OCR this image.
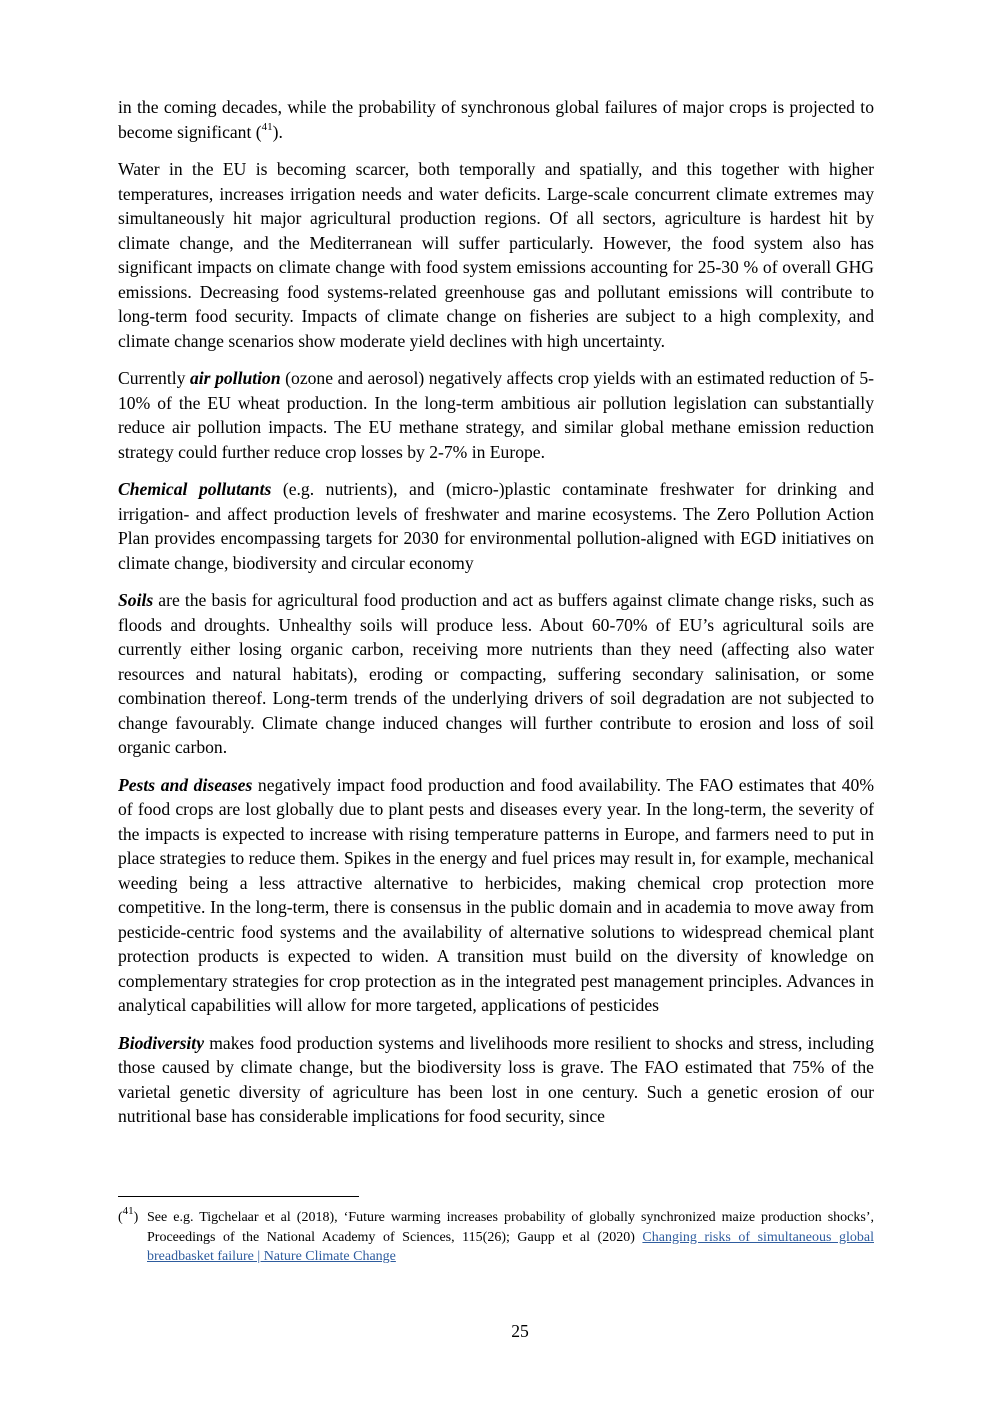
in the coming decades, while the probability of synchronous global failures of major crops is projected to become significant ($^{41}$).

Water in the EU is becoming scarcer, both temporally and spatially, and this together with higher temperatures, increases irrigation needs and water deficits. Large-scale concurrent climate extremes may simultaneously hit major agricultural production regions. Of all sectors, agriculture is hardest hit by climate change, and the Mediterranean will suffer particularly. However, the food system also has significant impacts on climate change with food system emissions accounting for 25-30 % of overall GHG emissions. Decreasing food systems-related greenhouse gas and pollutant emissions will contribute to long-term food security. Impacts of climate change on fisheries are subject to a high complexity, and climate change scenarios show moderate yield declines with high uncertainty.

Currently air pollution (ozone and aerosol) negatively affects crop yields with an estimated reduction of 5-10% of the EU wheat production. In the long-term ambitious air pollution legislation can substantially reduce air pollution impacts. The EU methane strategy, and similar global methane emission reduction strategy could further reduce crop losses by 2-7% in Europe.

Chemical pollutants (e.g. nutrients), and (micro-)plastic contaminate freshwater for drinking and irrigation- and affect production levels of freshwater and marine ecosystems. The Zero Pollution Action Plan provides encompassing targets for 2030 for environmental pollution-aligned with EGD initiatives on climate change, biodiversity and circular economy

Soils are the basis for agricultural food production and act as buffers against climate change risks, such as floods and droughts. Unhealthy soils will produce less. About 60-70% of EU’s agricultural soils are currently either losing organic carbon, receiving more nutrients than they need (affecting also water resources and natural habitats), eroding or compacting, suffering secondary salinisation, or some combination thereof. Long-term trends of the underlying drivers of soil degradation are not subjected to change favourably. Climate change induced changes will further contribute to erosion and loss of soil organic carbon.

Pests and diseases negatively impact food production and food availability. The FAO estimates that 40% of food crops are lost globally due to plant pests and diseases every year. In the long-term, the severity of the impacts is expected to increase with rising temperature patterns in Europe, and farmers need to put in place strategies to reduce them. Spikes in the energy and fuel prices may result in, for example, mechanical weeding being a less attractive alternative to herbicides, making chemical crop protection more competitive. In the long-term, there is consensus in the public domain and in academia to move away from pesticide-centric food systems and the availability of alternative solutions to widespread chemical plant protection products is expected to widen. A transition must build on the diversity of knowledge on complementary strategies for crop protection as in the integrated pest management principles. Advances in analytical capabilities will allow for more targeted, applications of pesticides

Biodiversity makes food production systems and livelihoods more resilient to shocks and stress, including those caused by climate change, but the biodiversity loss is grave. The FAO estimated that 75% of the varietal genetic diversity of agriculture has been lost in one century. Such a genetic erosion of our nutritional base has considerable implications for food security, since

($^{41}$) See e.g. Tigchelaar et al (2018), ‘Future warming increases probability of globally synchronized maize production shocks’, Proceedings of the National Academy of Sciences, 115(26); Gaupp et al (2020) Changing risks of simultaneous global breadbasket failure | Nature Climate Change
25
